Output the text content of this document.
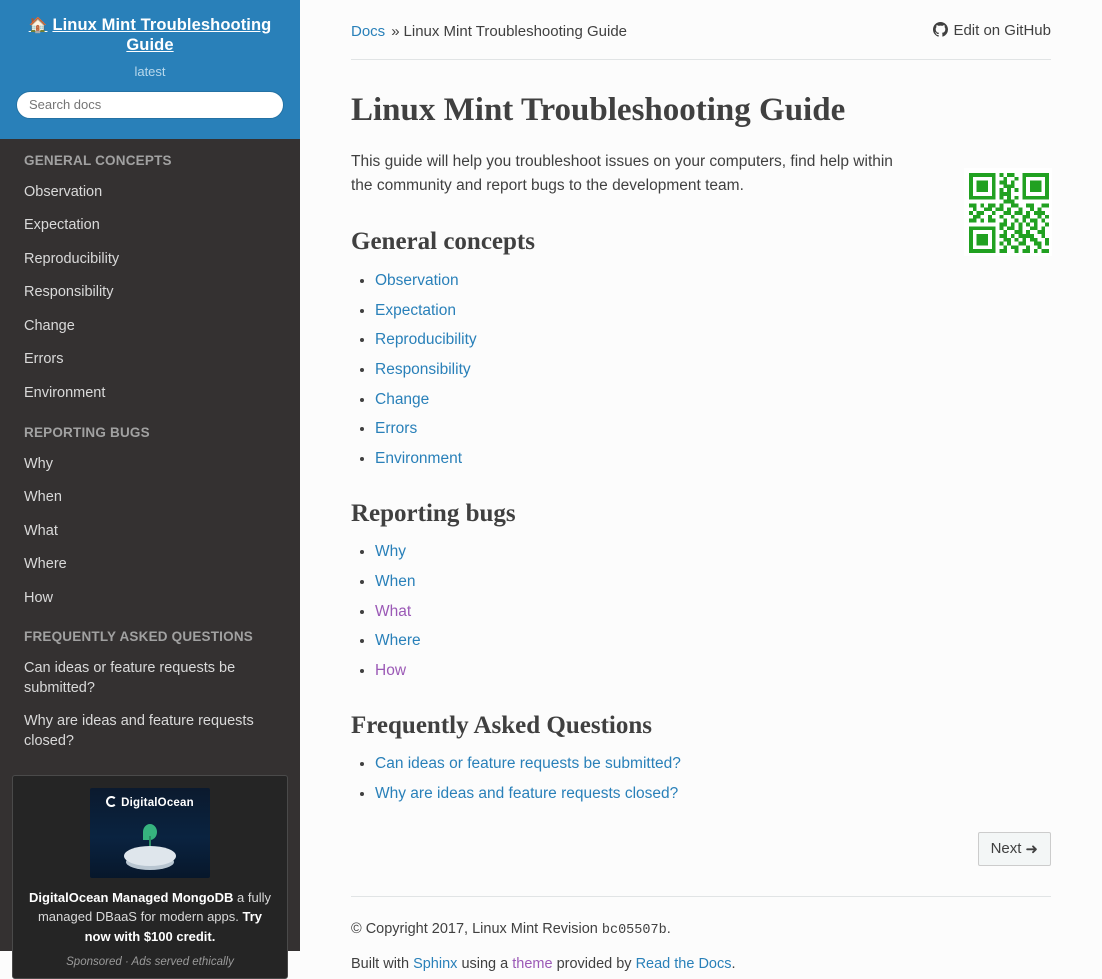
🏠 Linux Mint Troubleshooting Guide
latest
Search docs
GENERAL CONCEPTS
Observation
Expectation
Reproducibility
Responsibility
Change
Errors
Environment
REPORTING BUGS
Why
When
What
Where
How
FREQUENTLY ASKED QUESTIONS
Can ideas or feature requests be submitted?
Why are ideas and feature requests closed?
DigitalOcean
DigitalOcean Managed MongoDB a fully managed DBaaS for modern apps. Try now with $100 credit.
Sponsored · Ads served ethically
Docs » Linux Mint Troubleshooting Guide	Edit on GitHub
Linux Mint Troubleshooting Guide

This guide will help you troubleshoot issues on your computers, find help within the community and report bugs to the development team.

General concepts
• Observation
• Expectation
• Reproducibility
• Responsibility
• Change
• Errors
• Environment
Reporting bugs
• Why
• When
• What
• Where
• How
Frequently Asked Questions
• Can ideas or feature requests be submitted?
• Why are ideas and feature requests closed?
Next ➜

© Copyright 2017, Linux Mint Revision bc05507b.

Built with Sphinx using a theme provided by Read the Docs.
